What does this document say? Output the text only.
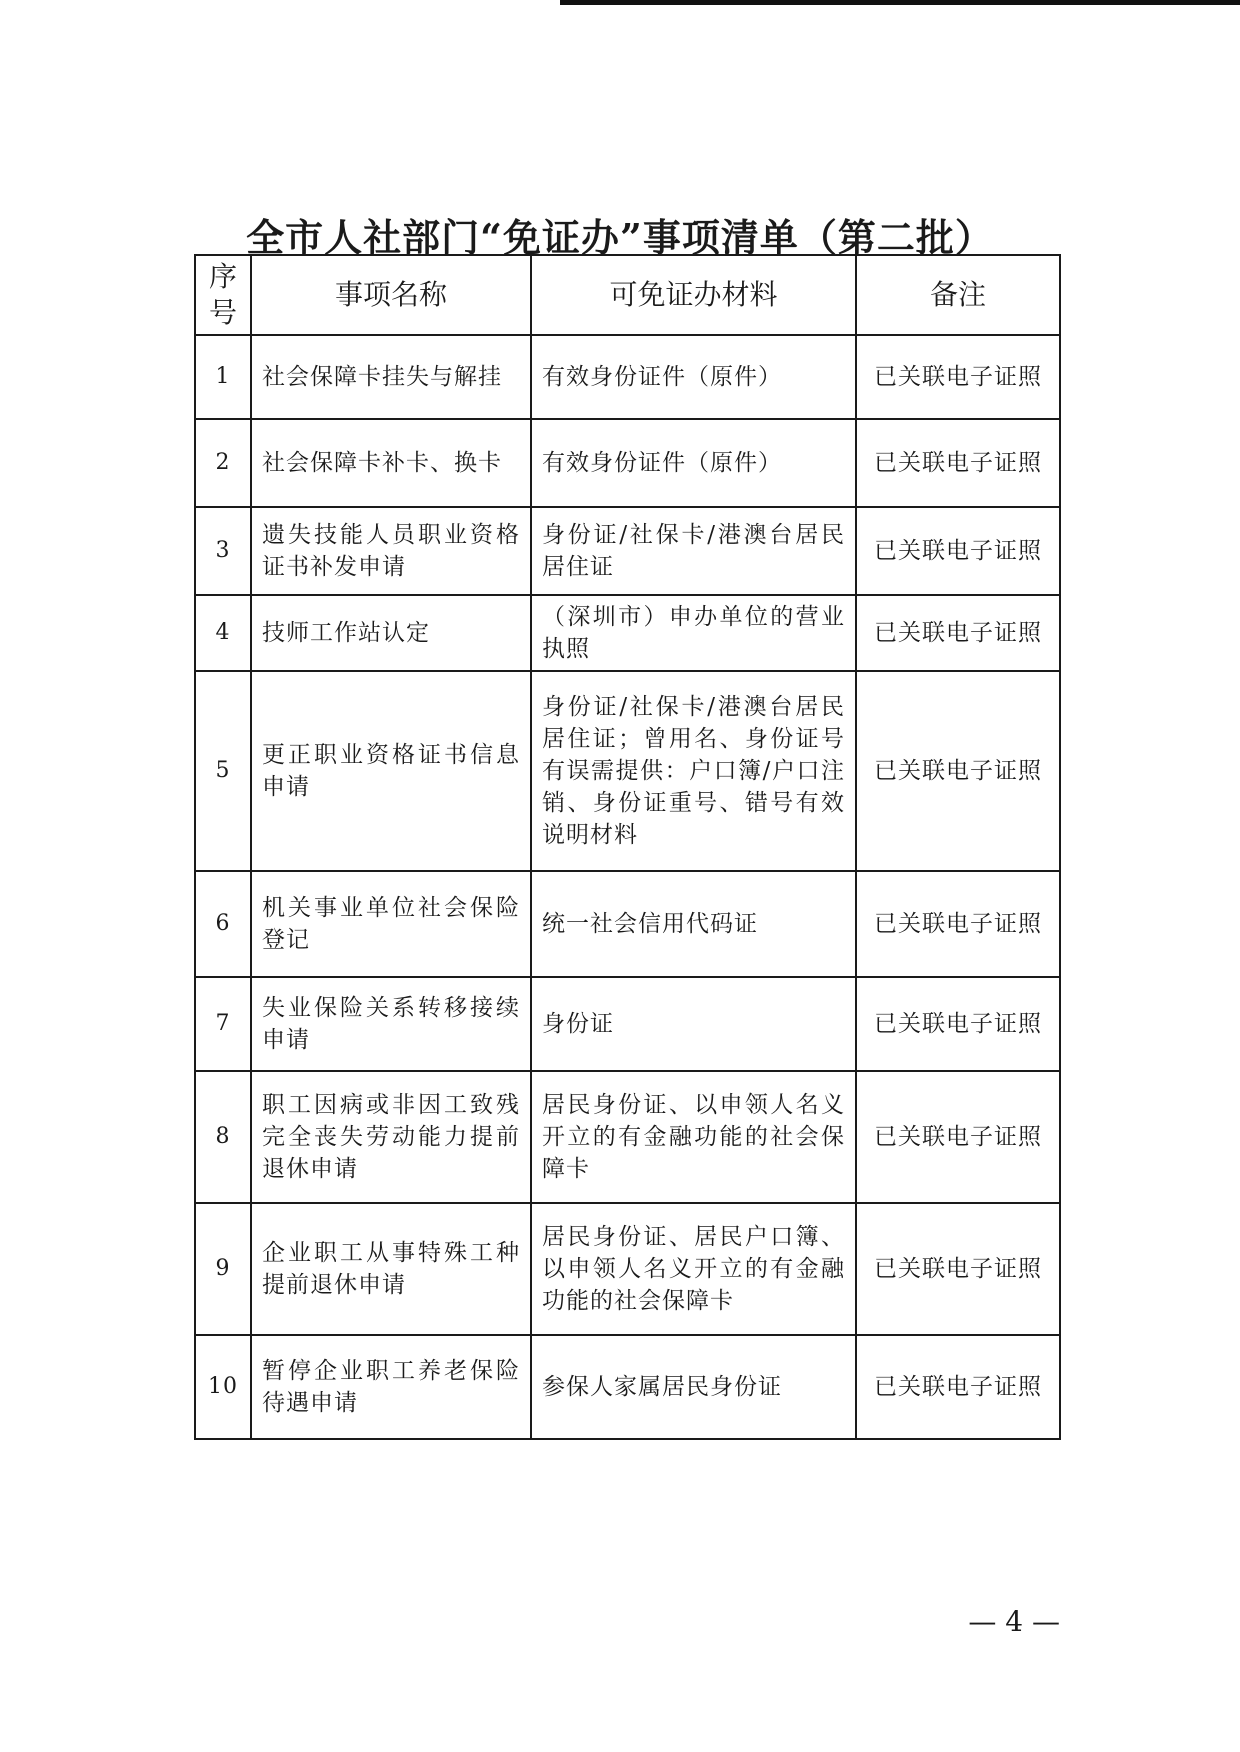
全市人社部门“免证办”事项清单（第二批）
序号	事项名称	可免证办材料	备注
1	社会保障卡挂失与解挂	有效身份证件（原件）	已关联电子证照
2	社会保障卡补卡、换卡	有效身份证件（原件）	已关联电子证照
3	遗失技能人员职业资格证书补发申请	身份证/社保卡/港澳台居民居住证	已关联电子证照
4	技师工作站认定	（深圳市）申办单位的营业执照	已关联电子证照
5	更正职业资格证书信息申请	身份证/社保卡/港澳台居民居住证；曾用名、身份证号有误需提供：户口簿/户口注销、身份证重号、错号有效说明材料	已关联电子证照
6	机关事业单位社会保险登记	统一社会信用代码证	已关联电子证照
7	失业保险关系转移接续申请	身份证	已关联电子证照
8	职工因病或非因工致残完全丧失劳动能力提前退休申请	居民身份证、以申领人名义开立的有金融功能的社会保障卡	已关联电子证照
9	企业职工从事特殊工种提前退休申请	居民身份证、居民户口簿、以申领人名义开立的有金融功能的社会保障卡	已关联电子证照
10	暂停企业职工养老保险待遇申请	参保人家属居民身份证	已关联电子证照
— 4 —
